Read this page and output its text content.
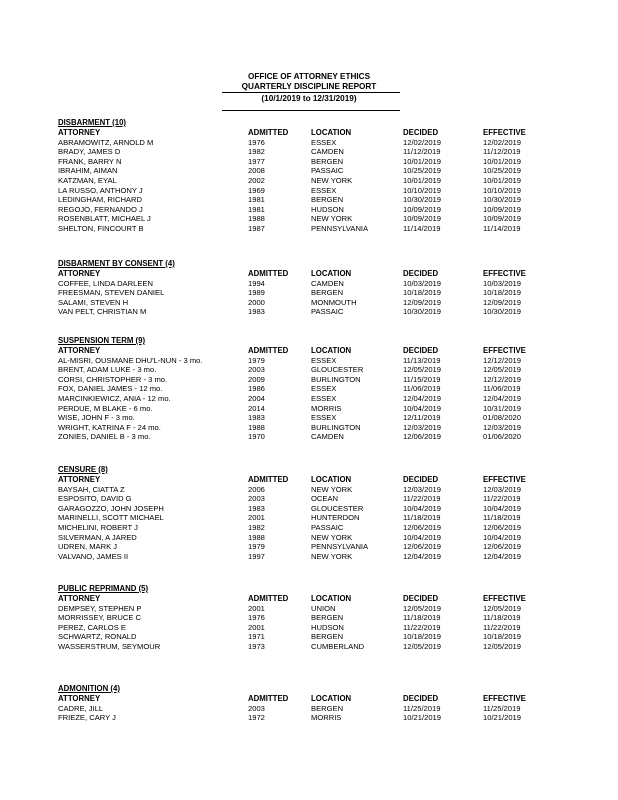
OFFICE OF ATTORNEY ETHICS
QUARTERLY DISCIPLINE REPORT
(10/1/2019 to 12/31/2019)
DISBARMENT (10)
ATTORNEY	ADMITTED	LOCATION	DECIDED	EFFECTIVE
ABRAMOWITZ, ARNOLD M	1976	ESSEX	12/02/2019	12/02/2019
BRADY, JAMES D	1982	CAMDEN	11/12/2019	11/12/2019
FRANK, BARRY N	1977	BERGEN	10/01/2019	10/01/2019
IBRAHIM, AIMAN	2008	PASSAIC	10/25/2019	10/25/2019
KATZMAN, EYAL	2002	NEW YORK	10/01/2019	10/01/2019
LA RUSSO, ANTHONY J	1969	ESSEX	10/10/2019	10/10/2019
LEDINGHAM, RICHARD	1981	BERGEN	10/30/2019	10/30/2019
REGOJO, FERNANDO J	1981	HUDSON	10/09/2019	10/09/2019
ROSENBLATT, MICHAEL J	1988	NEW YORK	10/09/2019	10/09/2019
SHELTON, FINCOURT B	1987	PENNSYLVANIA	11/14/2019	11/14/2019
DISBARMENT BY CONSENT (4)
ATTORNEY	ADMITTED	LOCATION	DECIDED	EFFECTIVE
COFFEE, LINDA DARLEEN	1994	CAMDEN	10/03/2019	10/03/2019
FREESMAN, STEVEN DANIEL	1989	BERGEN	10/18/2019	10/18/2019
SALAMI, STEVEN H	2000	MONMOUTH	12/09/2019	12/09/2019
VAN PELT, CHRISTIAN M	1983	PASSAIC	10/30/2019	10/30/2019
SUSPENSION TERM (9)
ATTORNEY	ADMITTED	LOCATION	DECIDED	EFFECTIVE
AL-MISRI, OUSMANE DHU'L-NUN - 3 mo.	1979	ESSEX	11/13/2019	12/12/2019
BRENT, ADAM LUKE - 3 mo.	2003	GLOUCESTER	12/05/2019	12/05/2019
CORSI, CHRISTOPHER - 3 mo.	2009	BURLINGTON	11/15/2019	12/12/2019
FOX, DANIEL JAMES - 12 mo.	1986	ESSEX	11/06/2019	11/06/2019
MARCINKIEWICZ, ANIA - 12 mo.	2004	ESSEX	12/04/2019	12/04/2019
PERDUE, M BLAKE - 6 mo.	2014	MORRIS	10/04/2019	10/31/2019
WISE, JOHN F - 3 mo.	1983	ESSEX	12/11/2019	01/08/2020
WRIGHT, KATRINA F - 24 mo.	1988	BURLINGTON	12/03/2019	12/03/2019
ZONIES, DANIEL B - 3 mo.	1970	CAMDEN	12/06/2019	01/06/2020
CENSURE (8)
ATTORNEY	ADMITTED	LOCATION	DECIDED	EFFECTIVE
BAYSAH, CIATTA Z	2006	NEW YORK	12/03/2019	12/03/2019
ESPOSITO, DAVID G	2003	OCEAN	11/22/2019	11/22/2019
GARAGOZZO, JOHN JOSEPH	1983	GLOUCESTER	10/04/2019	10/04/2019
MARINELLI, SCOTT MICHAEL	2001	HUNTERDON	11/18/2019	11/18/2019
MICHELINI, ROBERT J	1982	PASSAIC	12/06/2019	12/06/2019
SILVERMAN, A JARED	1988	NEW YORK	10/04/2019	10/04/2019
UDREN, MARK J	1979	PENNSYLVANIA	12/06/2019	12/06/2019
VALVANO, JAMES II	1997	NEW YORK	12/04/2019	12/04/2019
PUBLIC REPRIMAND (5)
ATTORNEY	ADMITTED	LOCATION	DECIDED	EFFECTIVE
DEMPSEY, STEPHEN P	2001	UNION	12/05/2019	12/05/2019
MORRISSEY, BRUCE C	1976	BERGEN	11/18/2019	11/18/2019
PEREZ, CARLOS E	2001	HUDSON	11/22/2019	11/22/2019
SCHWARTZ, RONALD	1971	BERGEN	10/18/2019	10/18/2019
WASSERSTRUM, SEYMOUR	1973	CUMBERLAND	12/05/2019	12/05/2019
ADMONITION (4)
ATTORNEY	ADMITTED	LOCATION	DECIDED	EFFECTIVE
CADRE, JILL	2003	BERGEN	11/25/2019	11/25/2019
FRIEZE, CARY J	1972	MORRIS	10/21/2019	10/21/2019
